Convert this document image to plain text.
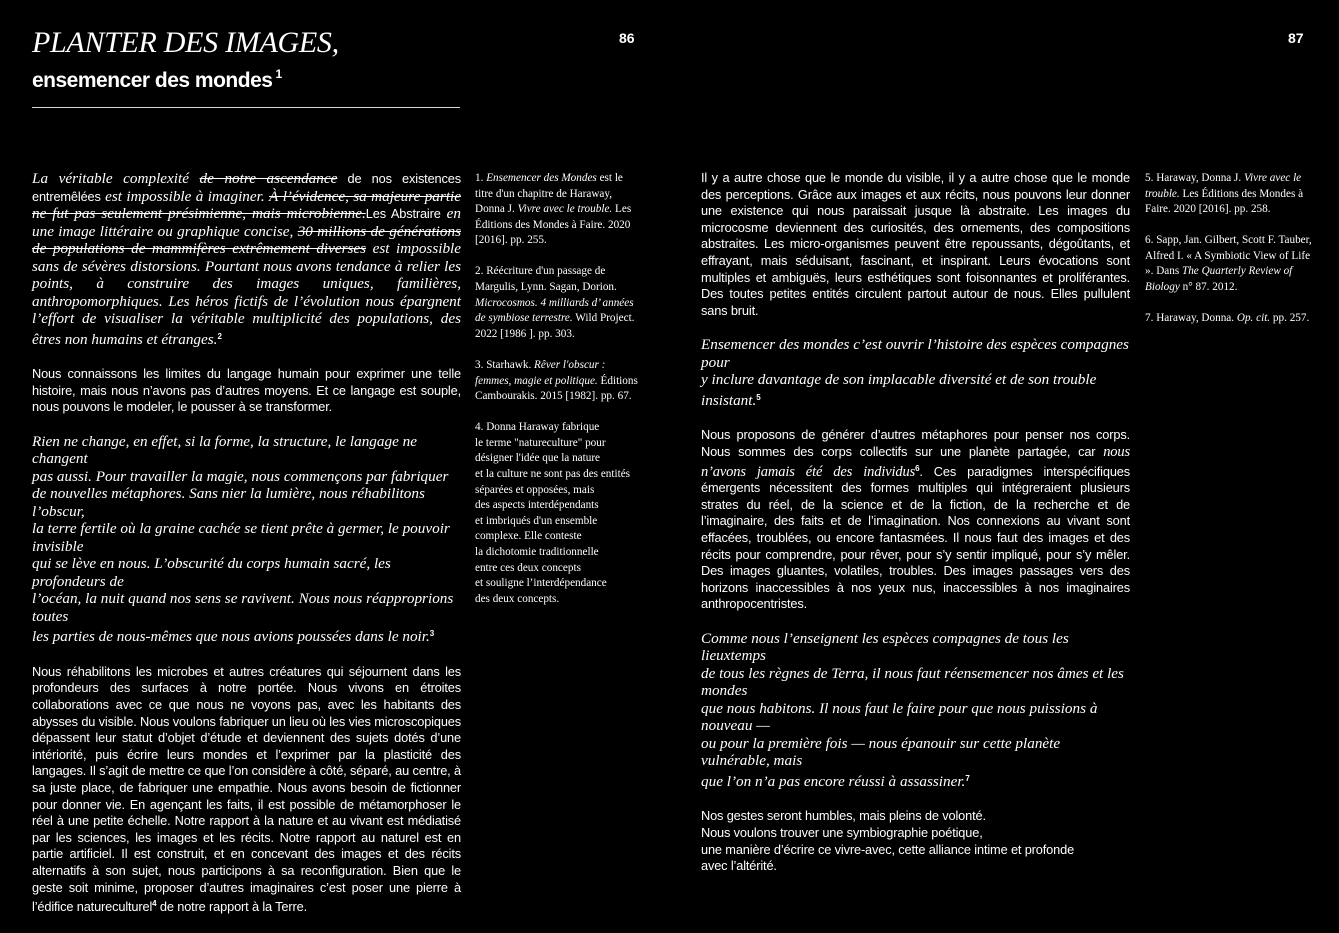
PLANTER DES IMAGES,
ensemencer des mondes $^1$
86	87

La véritable complexité de notre ascendance de nos existences entremêlées est impossible à imaginer. À l’évidence, sa majeure partie ne fut pas seulement présimienne, mais microbienne.Les Abstraire en une image littéraire ou graphique concise, 30 millions de générations de populations de mammifères extrêmement diverses est impossible sans de sévères distorsions. Pourtant nous avons tendance à relier les points, à construire des images uniques, familières, anthropomorphiques. Les héros fictifs de l’évolution nous épargnent l’effort de visualiser la véritable multiplicité des populations, des êtres non humains et étranges.$^2$

Nous connaissons les limites du langage humain pour exprimer une telle histoire, mais nous n’avons pas d’autres moyens. Et ce langage est souple, nous pouvons le modeler, le pousser à se transformer.

Rien ne change, en effet, si la forme, la structure, le langage ne changent
pas aussi. Pour travailler la magie, nous commençons par fabriquer
de nouvelles métaphores. Sans nier la lumière, nous réhabilitons l’obscur,
la terre fertile où la graine cachée se tient prête à germer, le pouvoir invisible
qui se lève en nous. L’obscurité du corps humain sacré, les profondeurs de
l’océan, la nuit quand nos sens se ravivent. Nous nous réapproprions toutes
les parties de nous-mêmes que nous avions poussées dans le noir.$^3$

Nous réhabilitons les microbes et autres créatures qui séjournent dans les profondeurs des surfaces à notre portée. Nous vivons en étroites collaborations avec ce que nous ne voyons pas, avec les habitants des abysses du visible. Nous voulons fabriquer un lieu où les vies microscopiques dépassent leur statut d’objet d’étude et deviennent des sujets dotés d’une intériorité, puis écrire leurs mondes et l’exprimer par la plasticité des langages. Il s’agit de mettre ce que l’on considère à côté, séparé, au centre, à sa juste place, de fabriquer une empathie. Nous avons besoin de fictionner pour donner vie. En agençant les faits, il est possible de métamorphoser le réel à une petite échelle. Notre rapport à la nature et au vivant est médiatisé par les sciences, les images et les récits. Notre rapport au naturel est en partie artificiel. Il est construit, et en concevant des images et des récits alternatifs à son sujet, nous participons à sa reconfiguration. Bien que le geste soit minime, proposer d’autres imaginaires c’est poser une pierre à l’édifice natureculturel$^4$ de notre rapport à la Terre.

1. Ensemencer des Mondes est le titre d'un chapitre de Haraway, Donna J. Vivre avec le trouble. Les Éditions des Mondes à Faire. 2020 [2016]. pp. 255.

2. Réécriture d'un passage de Margulis, Lynn. Sagan, Dorion. Microcosmos. 4 milliards d’ années de symbiose terrestre. Wild Project. 2022 [1986 ]. pp. 303.

3. Starhawk. Rêver l'obscur : femmes, magie et politique. Éditions Cambourakis. 2015 [1982]. pp. 67.

4. Donna Haraway fabrique
le terme "natureculture" pour
désigner l'idée que la nature
et la culture ne sont pas des entités
séparées et opposées, mais
des aspects interdépendants
et imbriqués d'un ensemble
complexe. Elle conteste
la dichotomie traditionnelle
entre ces deux concepts
et souligne l’interdépendance
des deux concepts.

Il y a autre chose que le monde du visible, il y a autre chose que le monde des perceptions. Grâce aux images et aux récits, nous pouvons leur donner une existence qui nous paraissait jusque là abstraite. Les images du microcosme deviennent des curiosités, des ornements, des compositions abstraites. Les micro-organismes peuvent être repoussants, dégoûtants, et effrayant, mais séduisant, fascinant, et inspirant. Leurs évocations sont multiples et ambiguës, leurs esthétiques sont foisonnantes et proliférantes. Des toutes petites entités circulent partout autour de nous. Elles pullulent sans bruit.

Ensemencer des mondes c’est ouvrir l’histoire des espèces compagnes pour
y inclure davantage de son implacable diversité et de son trouble insistant.$^5$

Nous proposons de générer d’autres métaphores pour penser nos corps. Nous sommes des corps collectifs sur une planète partagée, car nous n’avons jamais été des individus$^6$. Ces paradigmes interspécifiques émergents nécessitent des formes multiples qui intégreraient plusieurs strates du réel, de la science et de la fiction, de la recherche et de l’imaginaire, des faits et de l’imagination. Nos connexions au vivant sont effacées, troublées, ou encore fantasmées. Il nous faut des images et des récits pour comprendre, pour rêver, pour s’y sentir impliqué, pour s’y mêler. Des images gluantes, volatiles, troubles. Des images passages vers des horizons inaccessibles à nos yeux nus, inaccessibles à nos imaginaires anthropocentristes.

Comme nous l’enseignent les espèces compagnes de tous les lieuxtemps
de tous les règnes de Terra, il nous faut réensemencer nos âmes et les mondes
que nous habitons. Il nous faut le faire pour que nous puissions à nouveau —
ou pour la première fois — nous épanouir sur cette planète vulnérable, mais
que l’on n’a pas encore réussi à assassiner.$^7$

Nos gestes seront humbles, mais pleins de volonté.
Nous voulons trouver une symbiographie poétique,
une manière d’écrire ce vivre-avec, cette alliance intime et profonde
avec l’altérité.

5. Haraway, Donna J. Vivre avec le trouble. Les Éditions des Mondes à Faire. 2020 [2016]. pp. 258.

6. Sapp, Jan. Gilbert, Scott F. Tauber, Alfred I. « A Symbiotic View of Life ». Dans The Quarterly Review of Biology n° 87. 2012.

7. Haraway, Donna. Op. cit. pp. 257.
